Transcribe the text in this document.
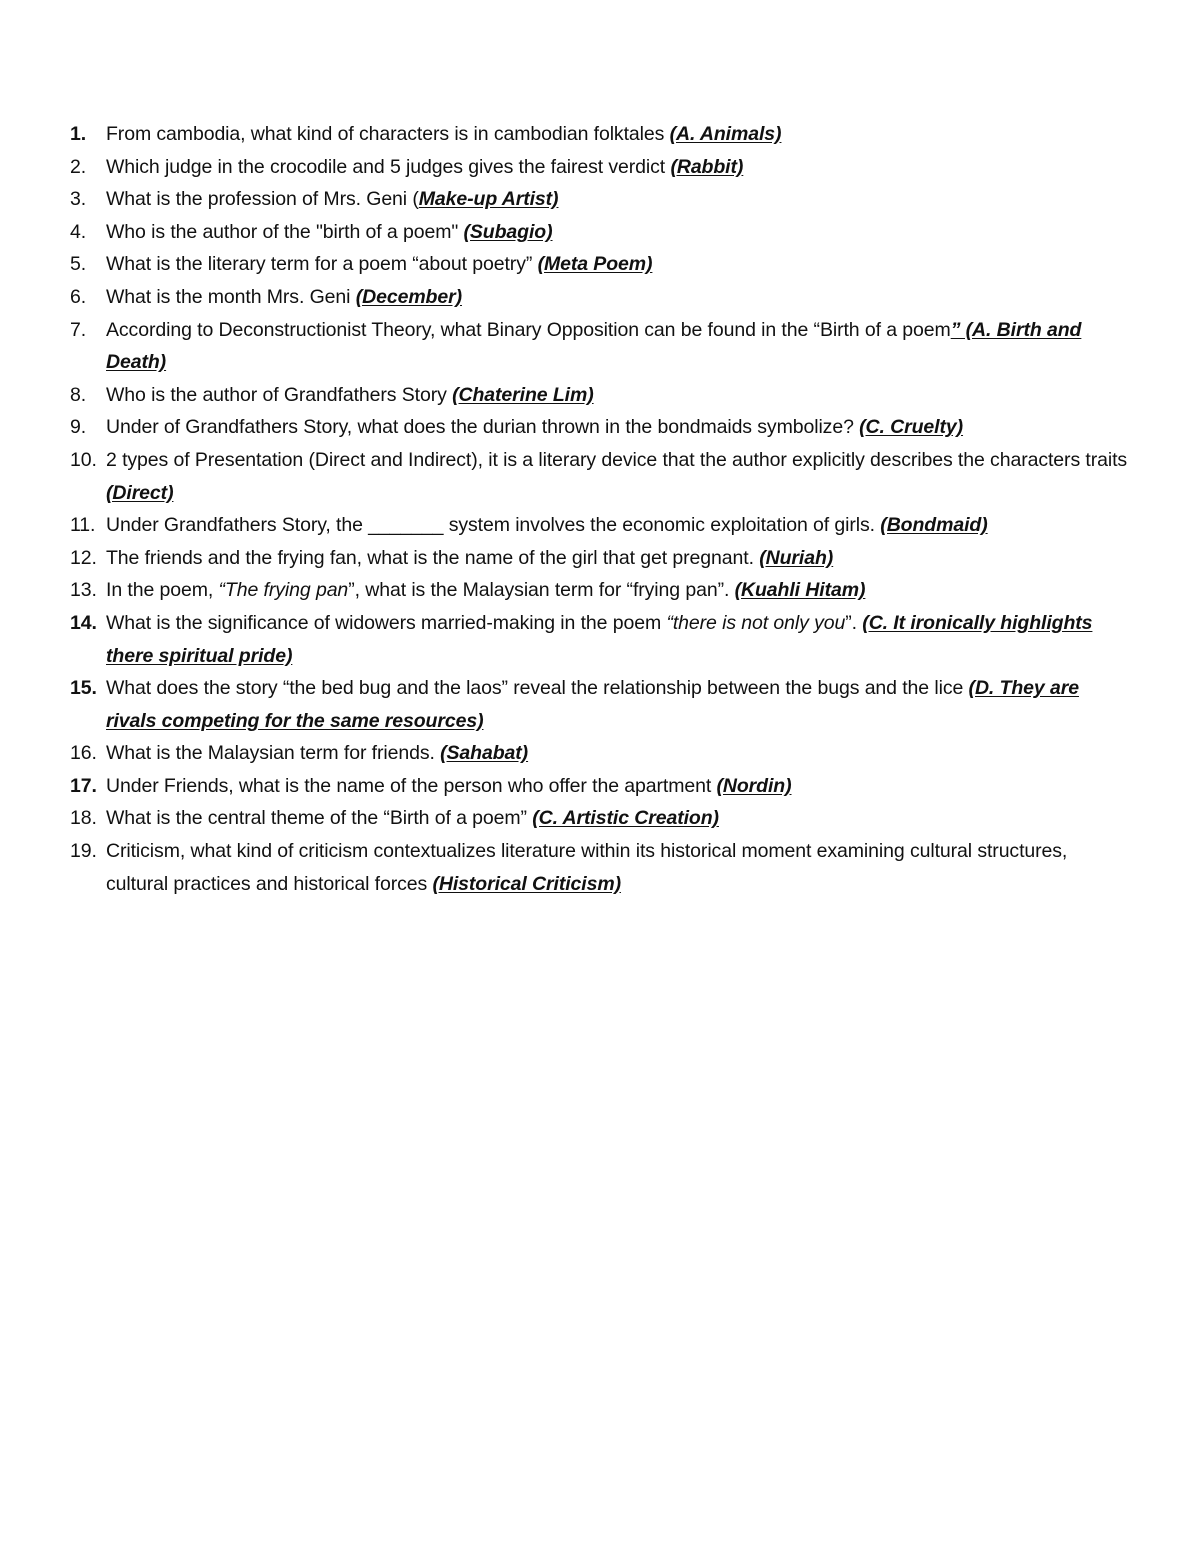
1.	From cambodia, what kind of characters is in cambodian folktales (A. Animals)
2.	Which judge in the crocodile and 5 judges gives the fairest verdict (Rabbit)
3.	What is the profession of Mrs. Geni (Make-up Artist)
4.	Who is the author of the "birth of a poem" (Subagio)
5.	What is the literary term for a poem “about poetry” (Meta Poem)
6.	What is the month Mrs. Geni (December)
7.	According to Deconstructionist Theory, what Binary Opposition can be found in the “Birth of a poem” (A. Birth and Death)
8.	Who is the author of Grandfathers Story (Chaterine Lim)
9.	Under of Grandfathers Story, what does the durian thrown in the bondmaids symbolize? (C. Cruelty)
10. 2 types of Presentation (Direct and Indirect), it is a literary device that the author explicitly describes the characters traits (Direct)
11. Under Grandfathers Story, the _______ system involves the economic exploitation of girls. (Bondmaid)
12. The friends and the frying fan, what is the name of the girl that get pregnant. (Nuriah)
13. In the poem, “The frying pan”, what is the Malaysian term for “frying pan”. (Kuahli Hitam)
14. What is the significance of widowers married-making in the poem “there is not only you”. (C. It ironically highlights there spiritual pride)
15. What does the story “the bed bug and the laos” reveal the relationship between the bugs and the lice (D. They are rivals competing for the same resources)
16. What is the Malaysian term for friends. (Sahabat)
17. Under Friends, what is the name of the person who offer the apartment (Nordin)
18. What is the central theme of the “Birth of a poem” (C. Artistic Creation)
19. Criticism, what kind of criticism contextualizes literature within its historical moment examining cultural structures, cultural practices and historical forces (Historical Criticism)
